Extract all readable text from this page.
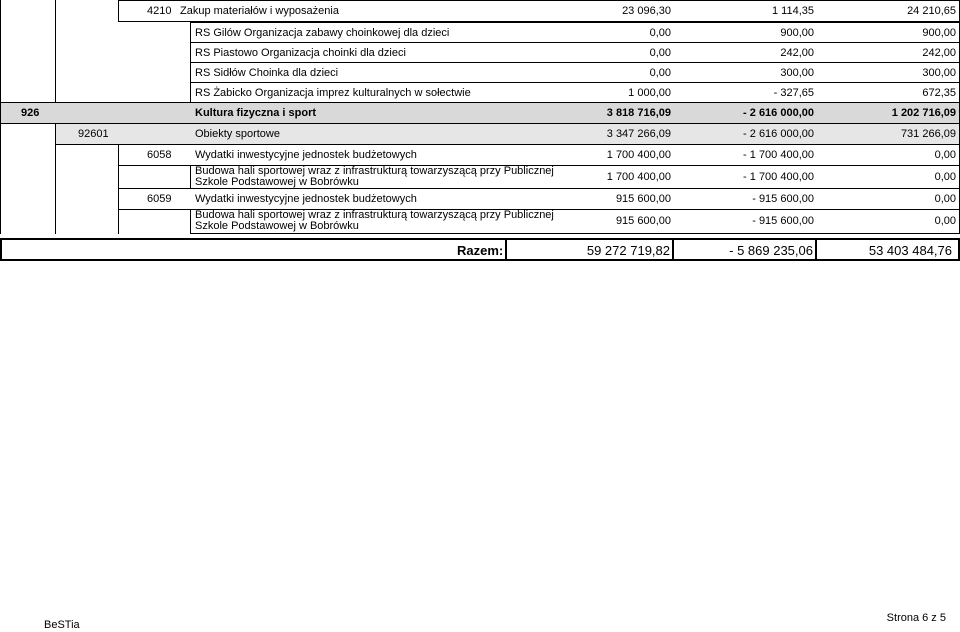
4210 Zakup materiałów i wyposażenia	23 096,30	1 114,35	24 210,65
RS Gilów Organizacja zabawy choinkowej dla dzieci	0,00	900,00	900,00
RS Piastowo Organizacja choinki dla dzieci	0,00	242,00	242,00
RS Sidłów Choinka dla dzieci	0,00	300,00	300,00
RS Żabicko Organizacja imprez kulturalnych w sołectwie	1 000,00	- 327,65	672,35
926	Kultura fizyczna i sport	3 818 716,09	- 2 616 000,00	1 202 716,09
92601	Obiekty sportowe	3 347 266,09	- 2 616 000,00	731 266,09
6058 Wydatki inwestycyjne jednostek budżetowych	1 700 400,00	- 1 700 400,00	0,00
Budowa hali sportowej wraz z infrastrukturą towarzyszącą przy Publicznej
Szkole Podstawowej w Bobrówku	1 700 400,00	- 1 700 400,00	0,00
6059 Wydatki inwestycyjne jednostek budżetowych	915 600,00	- 915 600,00	0,00
Budowa hali sportowej wraz z infrastrukturą towarzyszącą przy Publicznej
Szkole Podstawowej w Bobrówku	915 600,00	- 915 600,00	0,00
Razem:	59 272 719,82	- 5 869 235,06	53 403 484,76
BeSTia
Strona 6 z 5
